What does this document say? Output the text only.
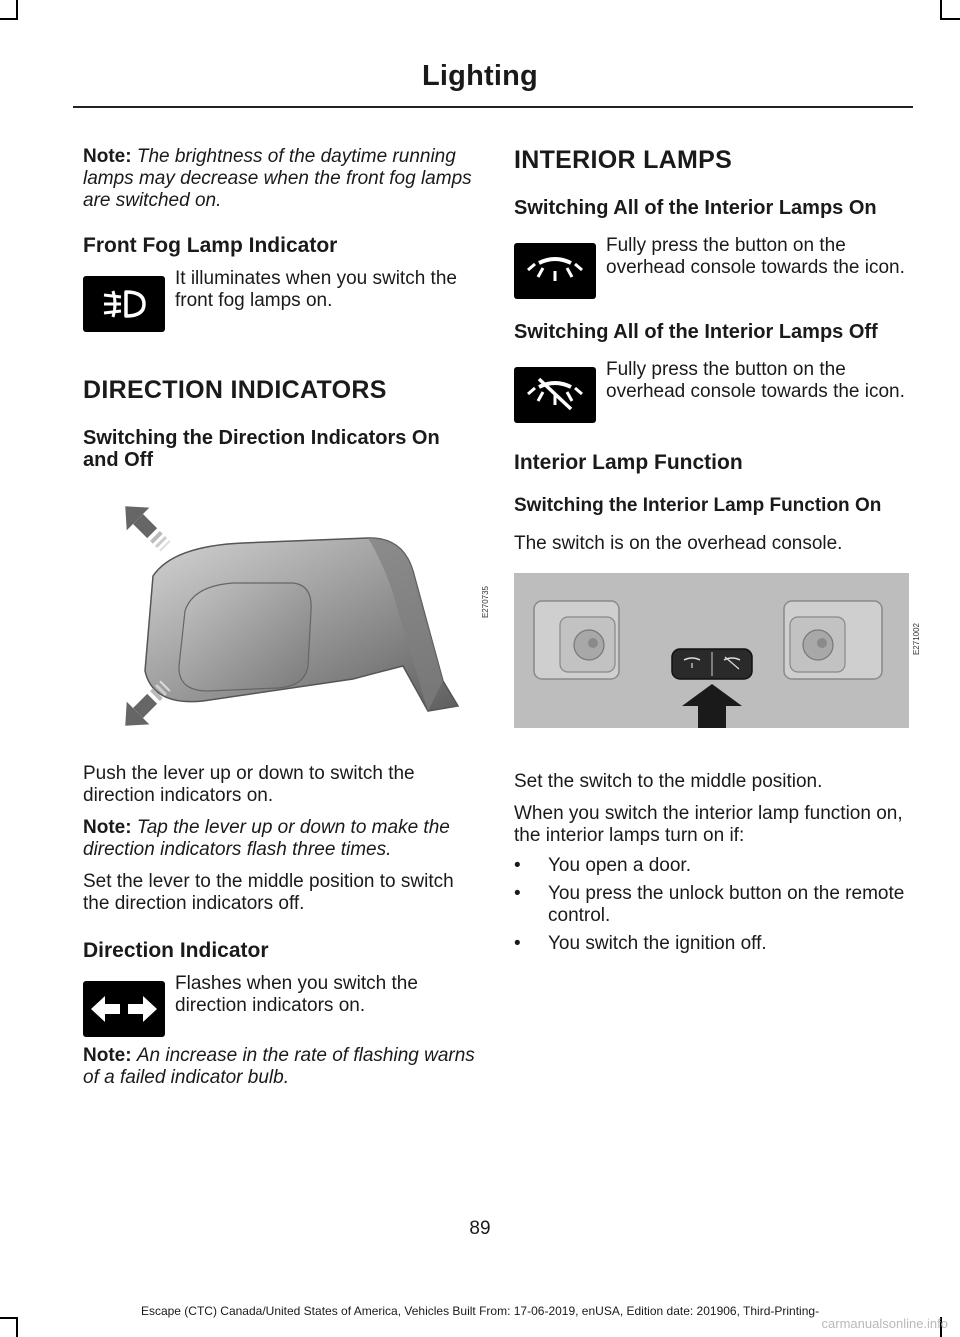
Lighting

Note: The brightness of the daytime running lamps may decrease when the front fog lamps are switched on.

Front Fog Lamp Indicator
It illuminates when you switch the front fog lamps on.
DIRECTION INDICATORS
Switching the Direction Indicators On and Off
E270735

Push the lever up or down to switch the direction indicators on.

Note: Tap the lever up or down to make the direction indicators flash three times.

Set the lever to the middle position to switch the direction indicators off.

Direction Indicator
Flashes when you switch the direction indicators on.

Note: An increase in the rate of flashing warns of a failed indicator bulb.

INTERIOR LAMPS
Switching All of the Interior Lamps On
Fully press the button on the overhead console towards the icon.
Switching All of the Interior Lamps Off
Fully press the button on the overhead console towards the icon.
Interior Lamp Function
Switching the Interior Lamp Function On

The switch is on the overhead console.

E271002

Set the switch to the middle position.

When you switch the interior lamp function on, the interior lamps turn on if:

•	You open a door.
•	You press the unlock button on the remote control.
•	You switch the ignition off.
89
Escape (CTC) Canada/United States of America, Vehicles Built From: 17-06-2019, enUSA, Edition date: 201906, Third-Printing-
carmanualsonline.info
